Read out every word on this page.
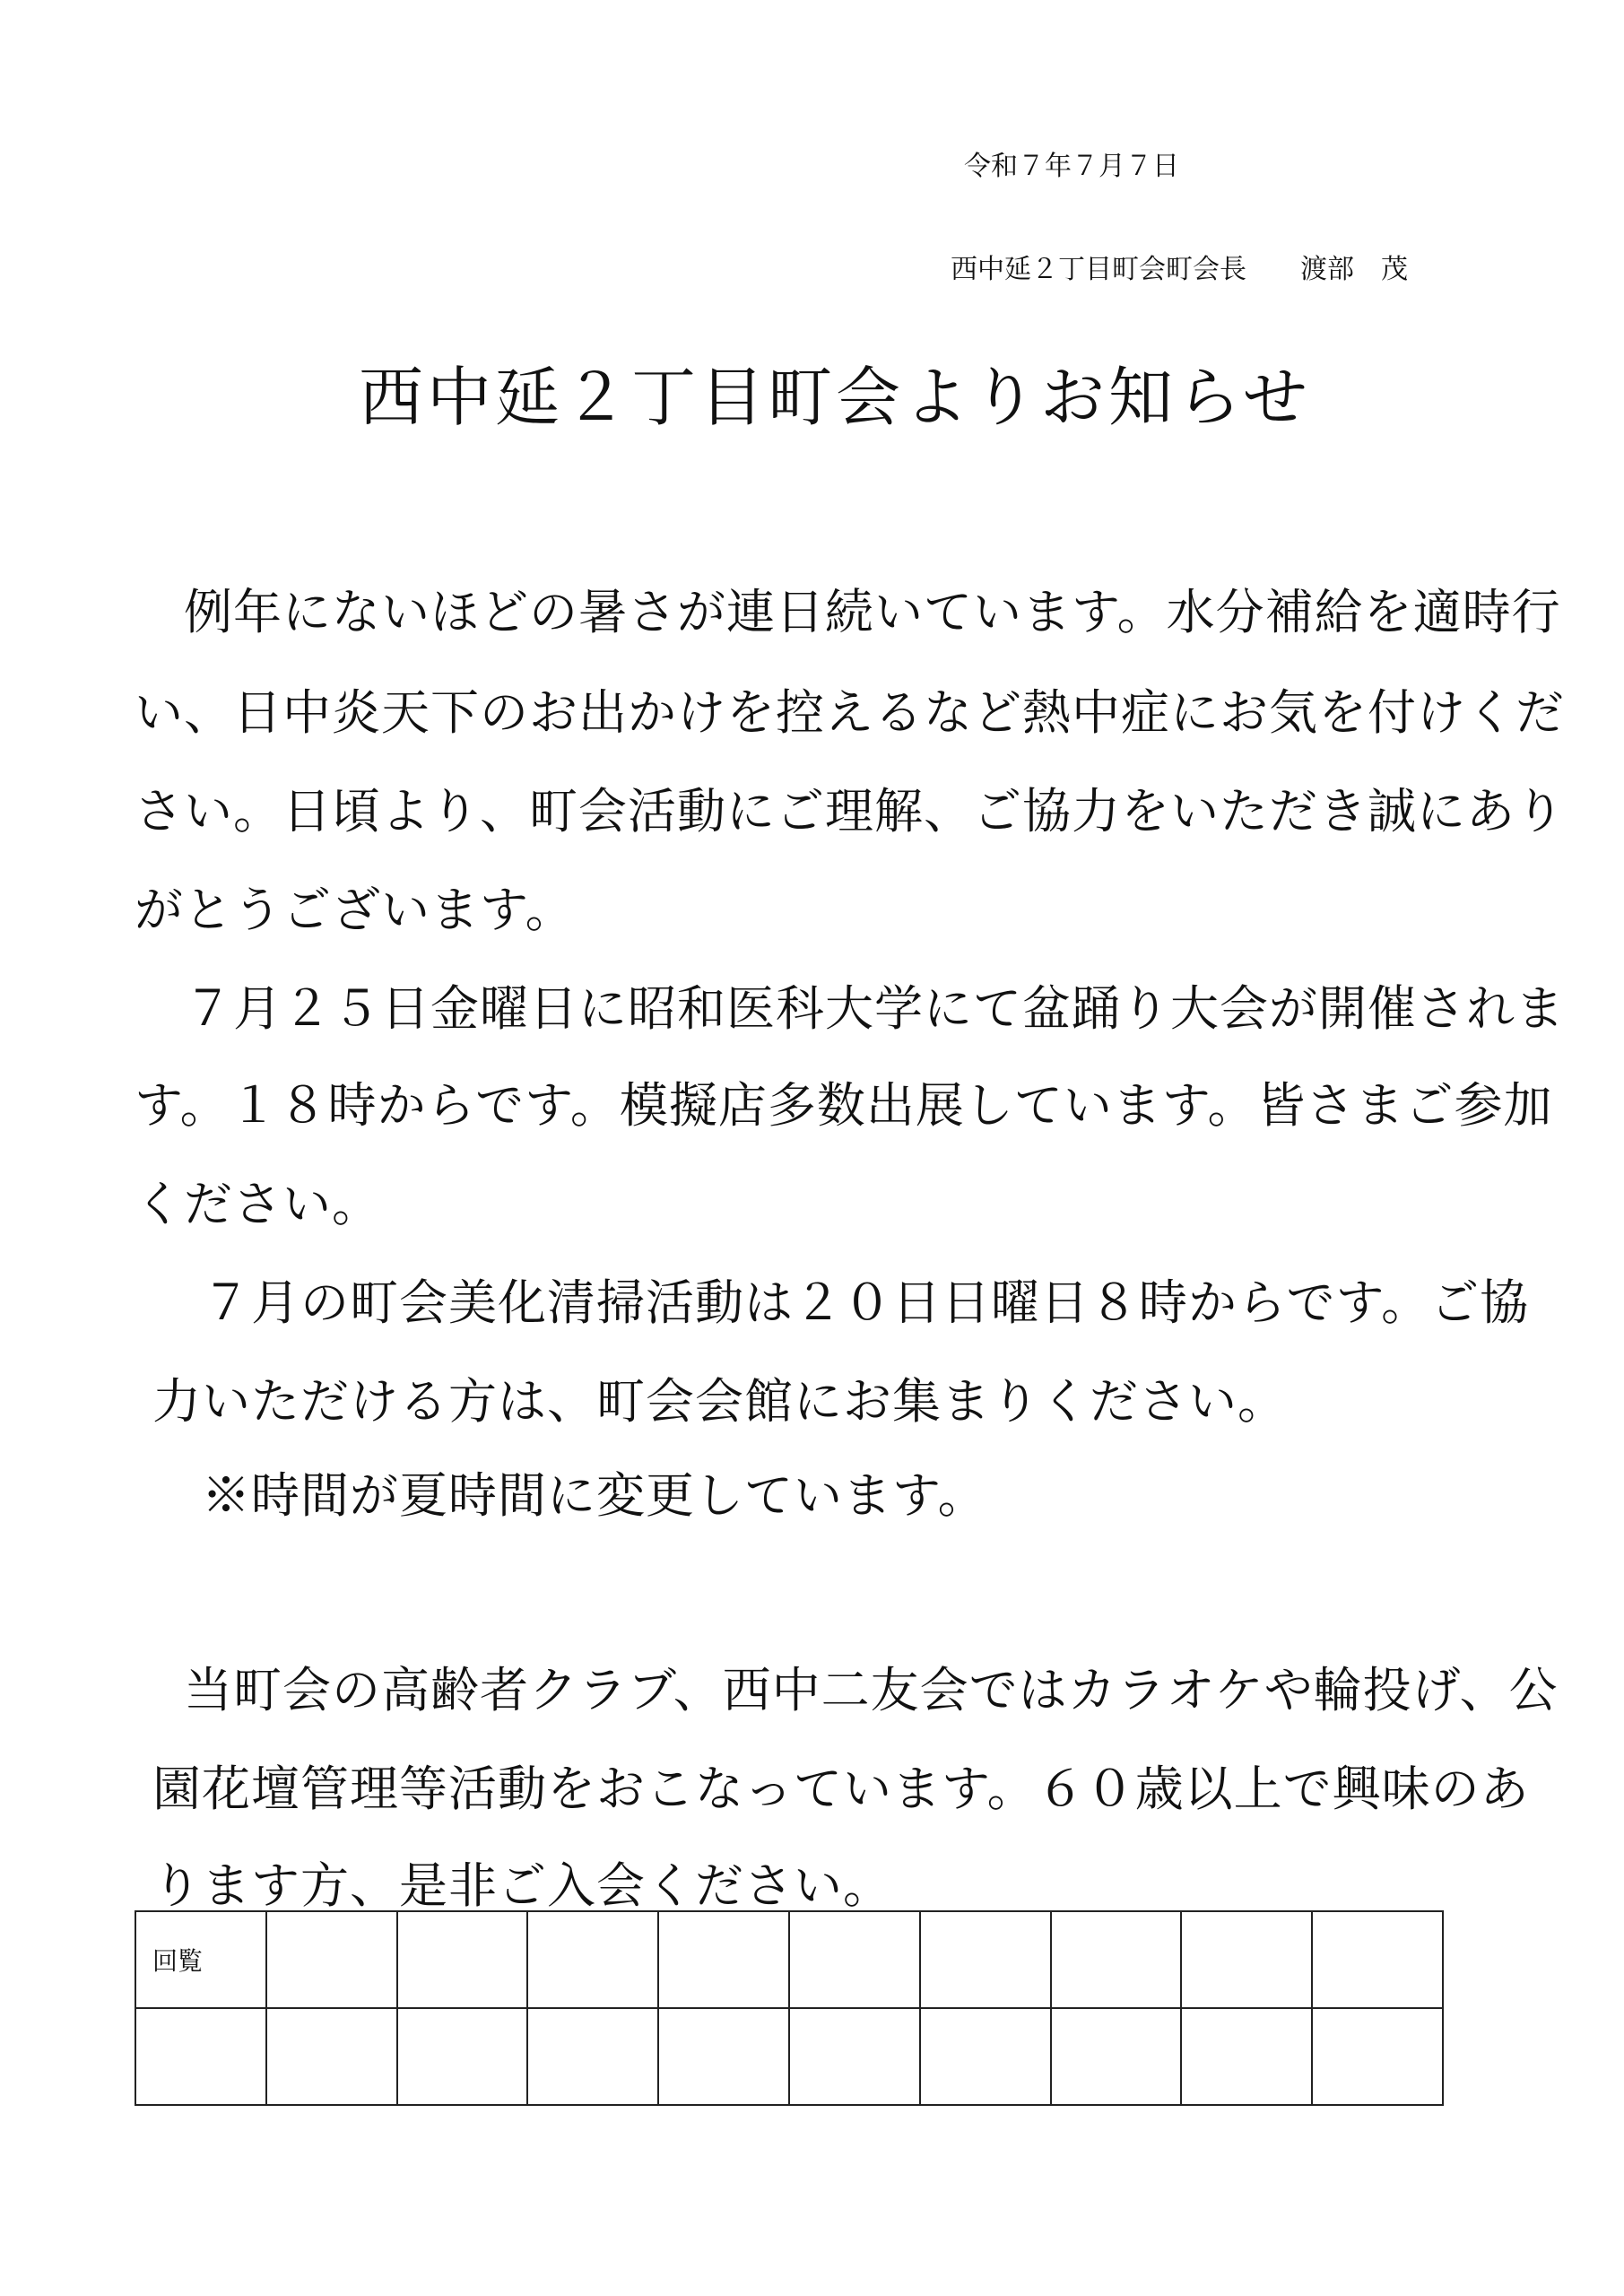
令和７年７月７日
西中延２丁目町会町会長 渡部　茂
西中延２丁目町会よりお知らせ
　例年にないほどの暑さが連日続いています。水分補給を適時行
い、日中炎天下のお出かけを控えるなど熱中症にお気を付けくだ
さい。日頃より、町会活動にご理解、ご協力をいただき誠にあり
がとうございます。
　７月２５日金曜日に昭和医科大学にて盆踊り大会が開催されま
す。１８時からです。模擬店多数出展しています。皆さまご参加
ください。
　７月の町会美化清掃活動は２０日日曜日８時からです。ご協
力いただける方は、町会会館にお集まりください。
　※時間が夏時間に変更しています。
　当町会の高齢者クラブ、西中二友会ではカラオケや輪投げ、公
園花壇管理等活動をおこなっています。６０歳以上で興味のあ
ります方、是非ご入会ください。
回覧									
